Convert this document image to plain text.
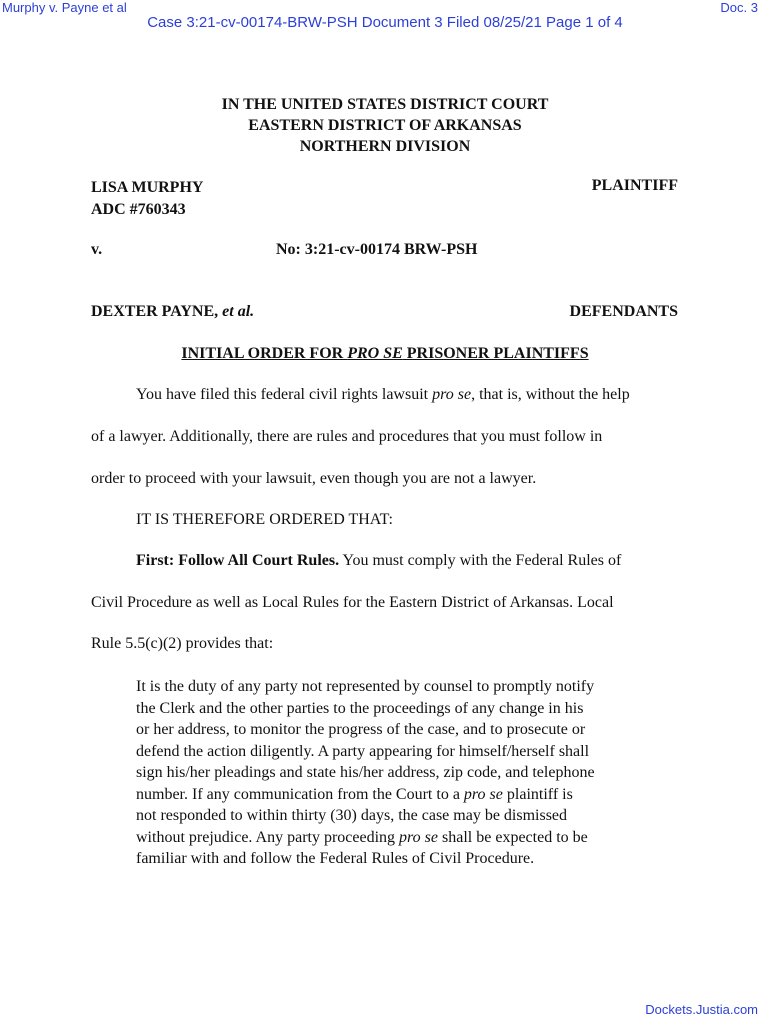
Murphy v. Payne et al	Doc. 3
Case 3:21-cv-00174-BRW-PSH Document 3 Filed 08/25/21 Page 1 of 4
IN THE UNITED STATES DISTRICT COURT
EASTERN DISTRICT OF ARKANSAS
NORTHERN DIVISION
LISA MURPHY
ADC #760343
PLAINTIFF
v.	No: 3:21-cv-00174 BRW-PSH
DEXTER PAYNE, et al.	DEFENDANTS
INITIAL ORDER FOR PRO SE PRISONER PLAINTIFFS
You have filed this federal civil rights lawsuit pro se, that is, without the help
of a lawyer. Additionally, there are rules and procedures that you must follow in
order to proceed with your lawsuit, even though you are not a lawyer.
IT IS THEREFORE ORDERED THAT:
First: Follow All Court Rules. You must comply with the Federal Rules of
Civil Procedure as well as Local Rules for the Eastern District of Arkansas. Local
Rule 5.5(c)(2) provides that:
It is the duty of any party not represented by counsel to promptly notify
the Clerk and the other parties to the proceedings of any change in his
or her address, to monitor the progress of the case, and to prosecute or
defend the action diligently. A party appearing for himself/herself shall
sign his/her pleadings and state his/her address, zip code, and telephone
number. If any communication from the Court to a pro se plaintiff is
not responded to within thirty (30) days, the case may be dismissed
without prejudice. Any party proceeding pro se shall be expected to be
familiar with and follow the Federal Rules of Civil Procedure.
Dockets.Justia.com
